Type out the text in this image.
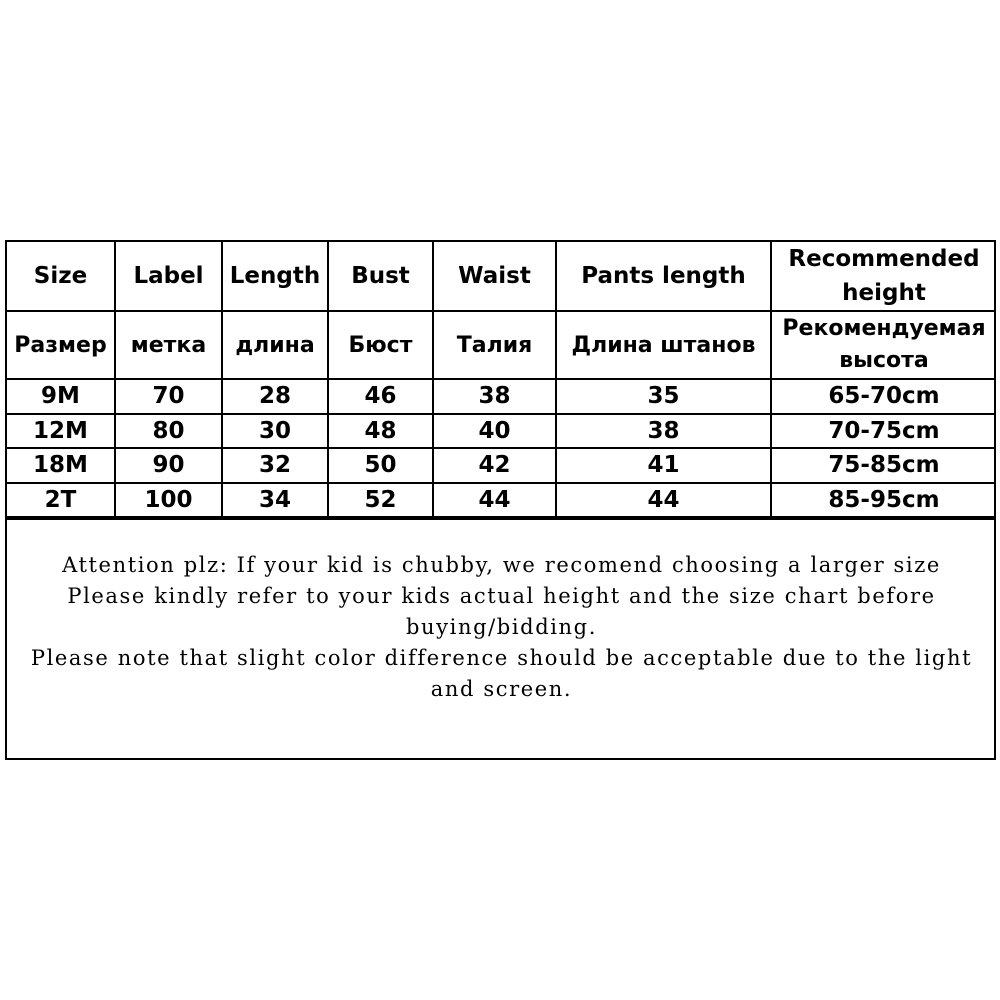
Size	Label	Length	Bust	Waist	Pants length	Recommended height
Размер	метка	длина	Бюст	Талия	Длина штанов	Рекомендуемая высота
9M	70	28	46	38	35	65-70cm
12M	80	30	48	40	38	70-75cm
18M	90	32	50	42	41	75-85cm
2T	100	34	52	44	44	85-95cm

Attention plz: If your kid is chubby, we recomend choosing a larger size

Please kindly refer to your kids actual height and the size chart before buying/bidding.

Please note that slight color difference should be acceptable due to the light and screen.
